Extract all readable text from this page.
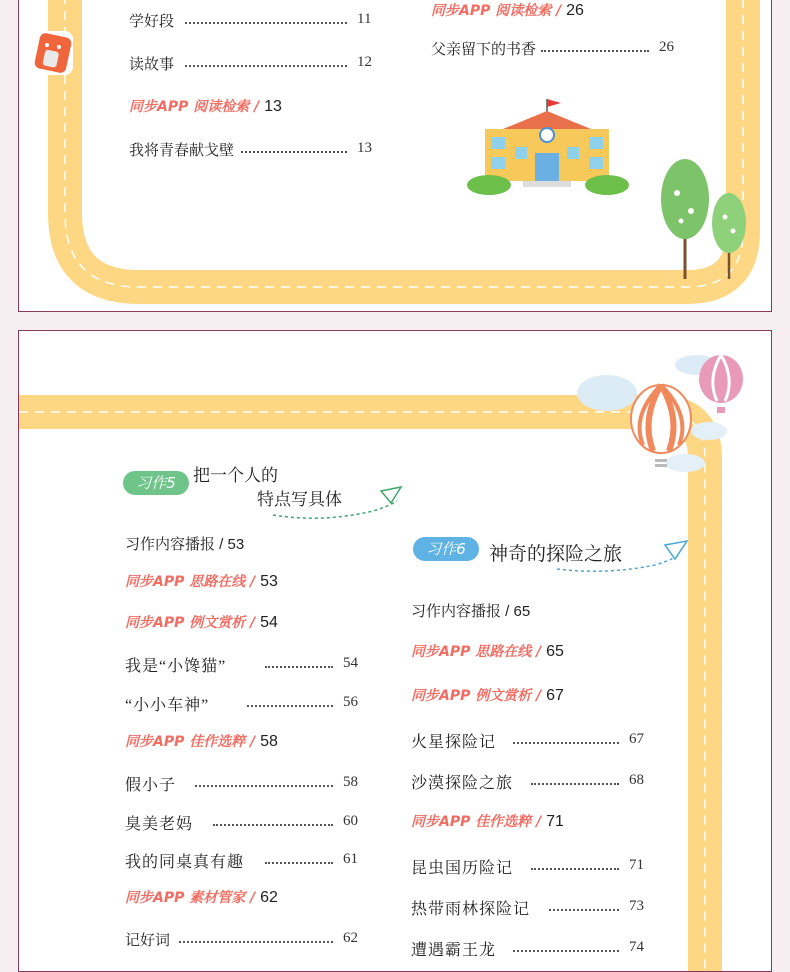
学好段	11
读故事	12
同步APP 阅读检索 / 13
我将青春献戈壁	13
同步APP 阅读检索 / 26
父亲留下的书香	26
习作5	把一个人的
特点写具体
习作内容播报 / 53
同步APP 思路在线 / 53
同步APP 例文赏析 / 54
我是“小馋猫”	54
“小小车神”	56
同步APP 佳作选粹 / 58
假小子	58
臭美老妈	60
我的同桌真有趣	61
同步APP 素材管家 / 62
记好词	62
习作6	神奇的探险之旅
习作内容播报 / 65
同步APP 思路在线 / 65
同步APP 例文赏析 / 67
火星探险记	67
沙漠探险之旅	68
同步APP 佳作选粹 / 71
昆虫国历险记	71
热带雨林探险记	73
遭遇霸王龙	74
